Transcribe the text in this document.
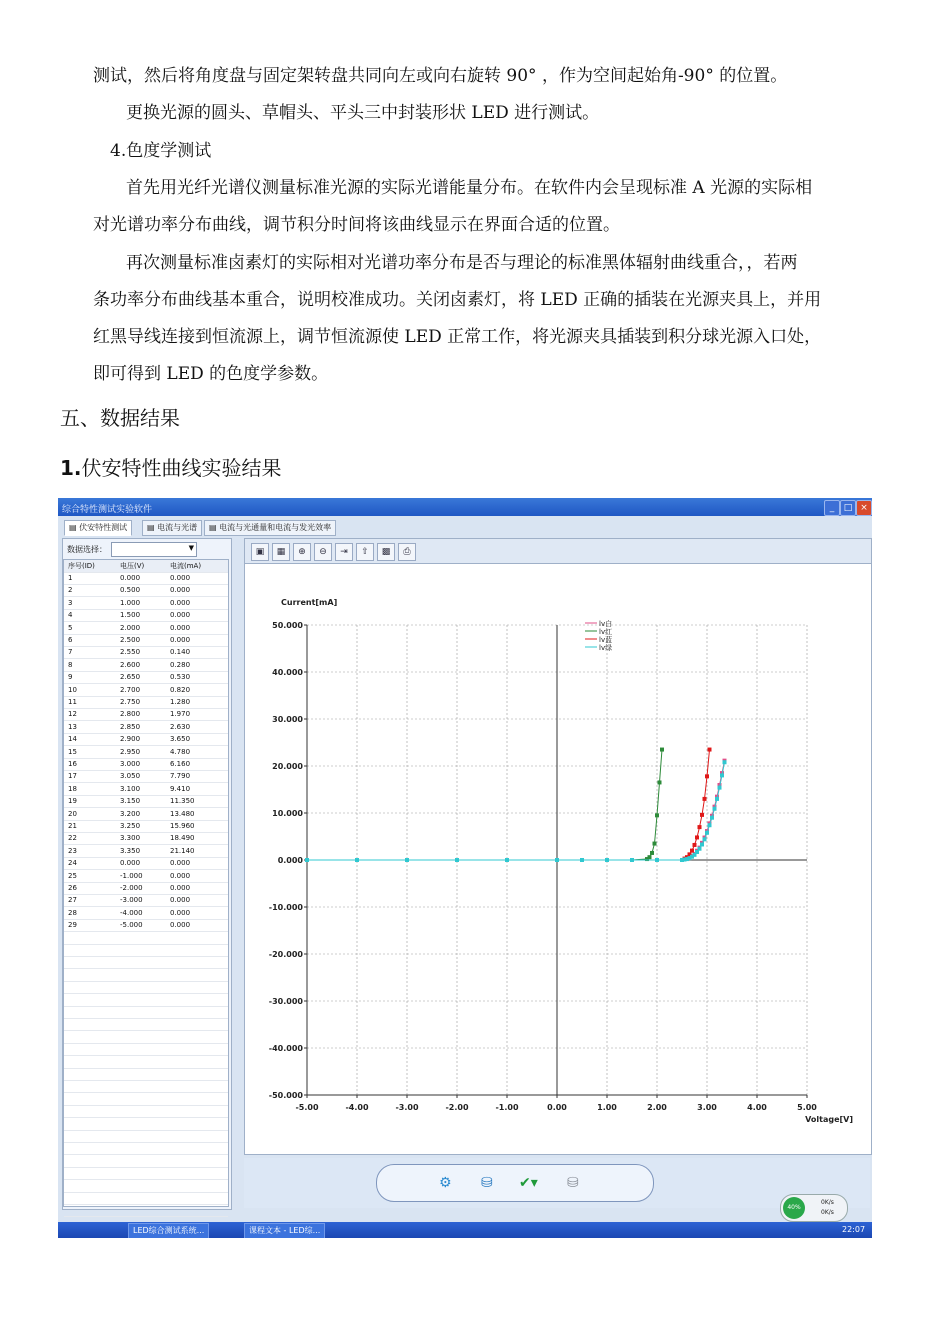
测试，然后将角度盘与固定架转盘共同向左或向右旋转 90° ，作为空间起始角-90° 的位置。
更换光源的圆头、草帽头、平头三中封装形状 LED 进行测试。
4.色度学测试
首先用光纤光谱仪测量标准光源的实际光谱能量分布。在软件内会呈现标准 A 光源的实际相
对光谱功率分布曲线，调节积分时间将该曲线显示在界面合适的位置。
再次测量标准卤素灯的实际相对光谱功率分布是否与理论的标准黑体辐射曲线重合，，若两
条功率分布曲线基本重合，说明校准成功。关闭卤素灯，将 LED 正确的插装在光源夹具上，并用
红黑导线连接到恒流源上，调节恒流源使 LED 正常工作，将光源夹具插装到积分球光源入口处，
即可得到 LED 的色度学参数。
五、数据结果
1.伏安特性曲线实验结果
综合特性测试实验软件	_	□ ×
▤ 伏安特性测试	▤ 电流与光谱	▤ 电流与光通量和电流与发光效率
数据选择：	▼
序号(ID)	电压(V)	电流(mA)
1	0.000	0.000
2	0.500	0.000
3	1.000	0.000
4	1.500	0.000
5	2.000	0.000
6	2.500	0.000
7	2.550	0.140
8	2.600	0.280
9	2.650	0.530
10	2.700	0.820
11	2.750	1.280
12	2.800	1.970
13	2.850	2.630
14	2.900	3.650
15	2.950	4.780
16	3.000	6.160
17	3.050	7.790
18	3.100	9.410
19	3.150	11.350
20	3.200	13.480
21	3.250	15.960
22	3.300	18.490
23	3.350	21.140
24	0.000	0.000
25	-1.000	0.000
26	-2.000	0.000
27	-3.000	0.000
28	-4.000	0.000
29	-5.000	0.000
▣	▦	⊕	⊖	⇥	⇧	▩	⎙
50.000
40.000
30.000
20.000
10.000
0.000
-10.000
-20.000
-30.000
-40.000
-50.000
-5.00	-4.00	-3.00	-2.00	-1.00	0.00	1.00	2.00	3.00	4.00	5.00
Current[mA]
Voltage[V]
lv白
lv红
lv蓝
lv绿
⚙ ⛁ ✔▾ ⛁
40%
0K/s
0K/s
LED综合测试系统...	课程文本 - LED综...	22:07
